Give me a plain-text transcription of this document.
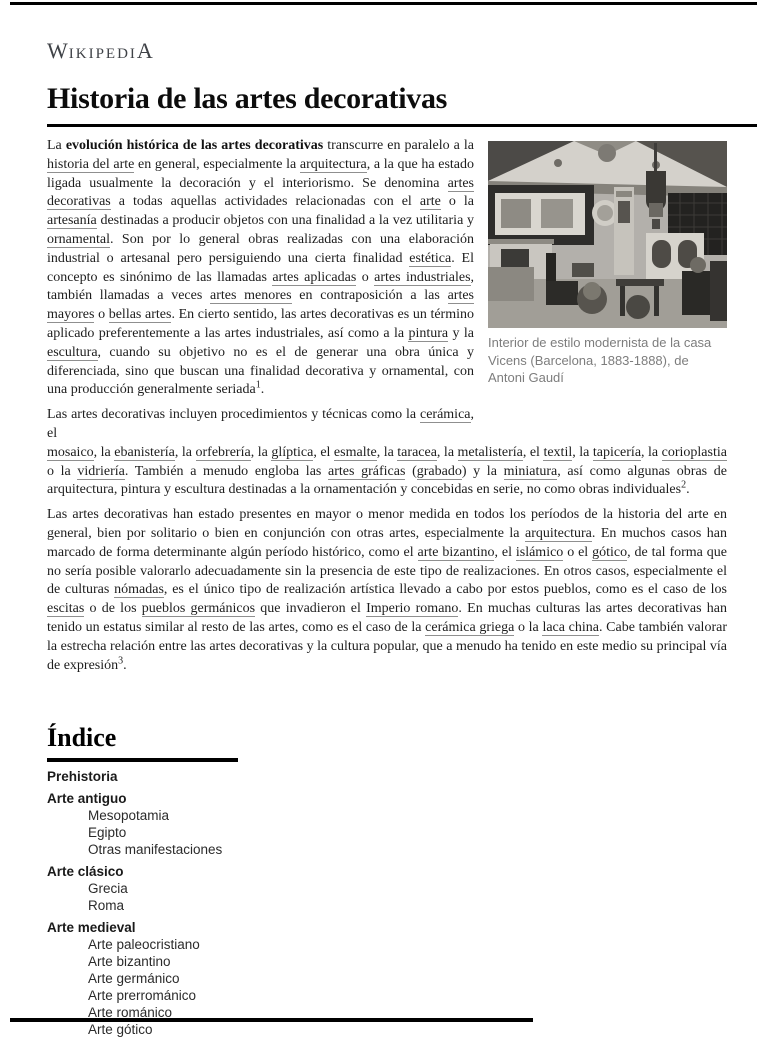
WIKIPEDIA
Historia de las artes decorativas
Interior de estilo modernista de la casa Vicens (Barcelona, 1883-1888), de Antoni Gaudí

La evolución histórica de las artes decorativas transcurre en paralelo a la historia del arte en general, especialmente la arquitectura, a la que ha estado ligada usualmente la decoración y el interiorismo. Se denomina artes decorativas a todas aquellas actividades relacionadas con el arte o la artesanía destinadas a producir objetos con una finalidad a la vez utilitaria y ornamental. Son por lo general obras realizadas con una elaboración industrial o artesanal pero persiguiendo una cierta finalidad estética. El concepto es sinónimo de las llamadas artes aplicadas o artes industriales, también llamadas a veces artes menores en contraposición a las artes mayores o bellas artes. En cierto sentido, las artes decorativas es un término aplicado preferentemente a las artes industriales, así como a la pintura y la escultura, cuando su objetivo no es el de generar una obra única y diferenciada, sino que buscan una finalidad decorativa y ornamental, con una producción generalmente seriada$^1$.

Las artes decorativas incluyen procedimientos y técnicas como la cerámica, el
mosaico, la ebanistería, la orfebrería, la glíptica, el esmalte, la taracea, la metalistería, el textil, la tapicería, la corioplastia o la vidriería. También a menudo engloba las artes gráficas (grabado) y la miniatura, así como algunas obras de arquitectura, pintura y escultura destinadas a la ornamentación y concebidas en serie, no como obras individuales$^2$.

Las artes decorativas han estado presentes en mayor o menor medida en todos los períodos de la historia del arte en general, bien por solitario o bien en conjunción con otras artes, especialmente la arquitectura. En muchos casos han marcado de forma determinante algún período histórico, como el arte bizantino, el islámico o el gótico, de tal forma que no sería posible valorarlo adecuadamente sin la presencia de este tipo de realizaciones. En otros casos, especialmente el de culturas nómadas, es el único tipo de realización artística llevado a cabo por estos pueblos, como es el caso de los escitas o de los pueblos germánicos que invadieron el Imperio romano. En muchas culturas las artes decorativas han tenido un estatus similar al resto de las artes, como es el caso de la cerámica griega o la laca china. Cabe también valorar la estrecha relación entre las artes decorativas y la cultura popular, que a menudo ha tenido en este medio su principal vía de expresión$^3$.

Índice
Prehistoria
Arte antiguo
Mesopotamia
Egipto
Otras manifestaciones
Arte clásico
Grecia
Roma
Arte medieval
Arte paleocristiano
Arte bizantino
Arte germánico
Arte prerrománico
Arte románico
Arte gótico
